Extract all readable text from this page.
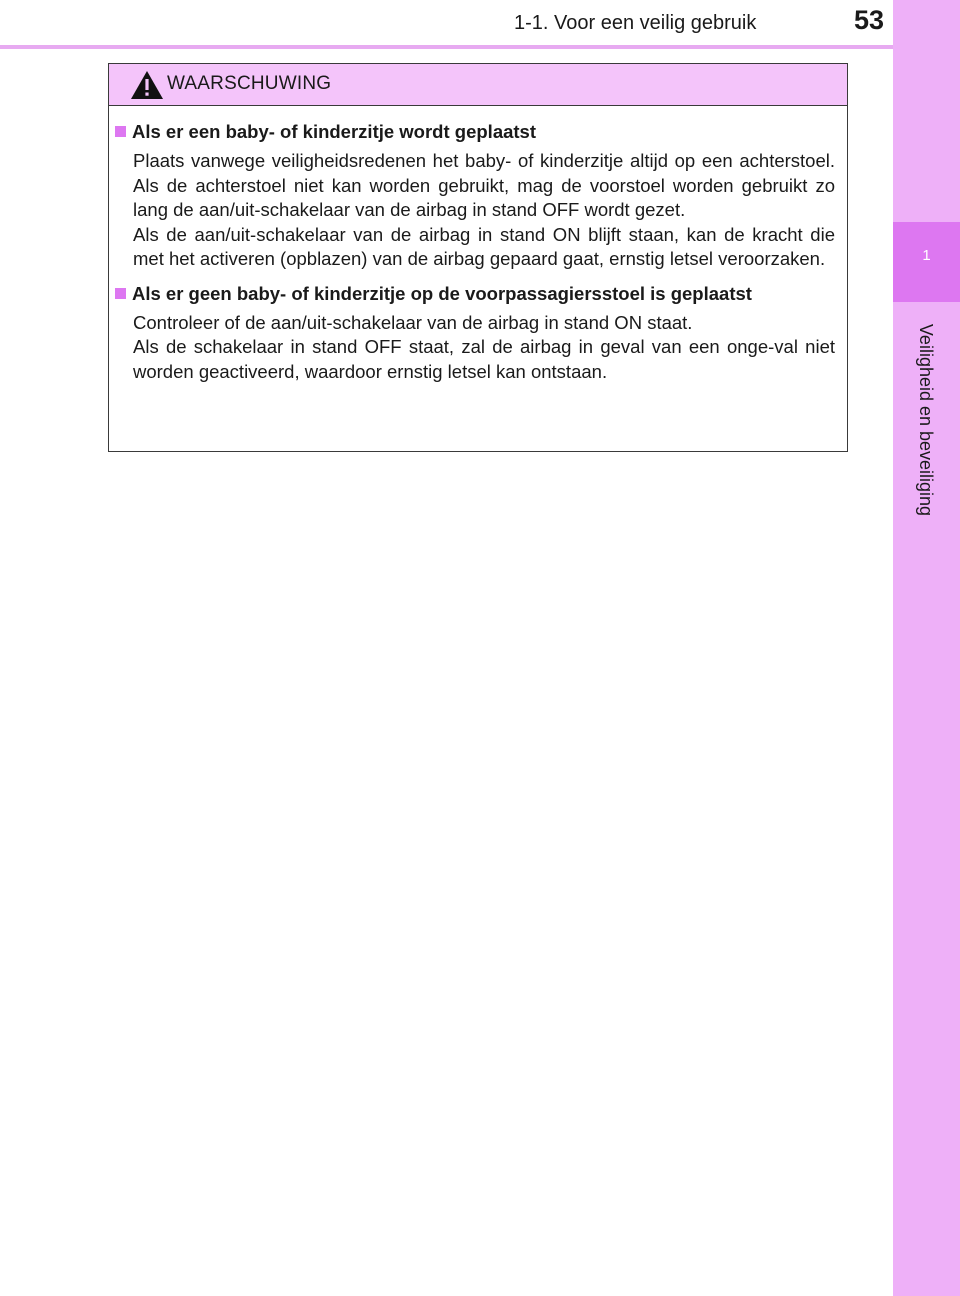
1-1. Voor een veilig gebruik	53
1
Veiligheid en beveiliging
WAARSCHUWING
Als er een baby- of kinderzitje wordt geplaatst

Plaats vanwege veiligheidsredenen het baby- of kinderzitje altijd op een achterstoel. Als de achterstoel niet kan worden gebruikt, mag de voorstoel worden gebruikt zo lang de aan/uit-schakelaar van de airbag in stand OFF wordt gezet.

Als de aan/uit-schakelaar van de airbag in stand ON blijft staan, kan de kracht die met het activeren (opblazen) van de airbag gepaard gaat, ernstig letsel veroorzaken.

Als er geen baby- of kinderzitje op de voorpassagiersstoel is geplaatst

Controleer of de aan/uit-schakelaar van de airbag in stand ON staat.

Als de schakelaar in stand OFF staat, zal de airbag in geval van een onge-val niet worden geactiveerd, waardoor ernstig letsel kan ontstaan.
